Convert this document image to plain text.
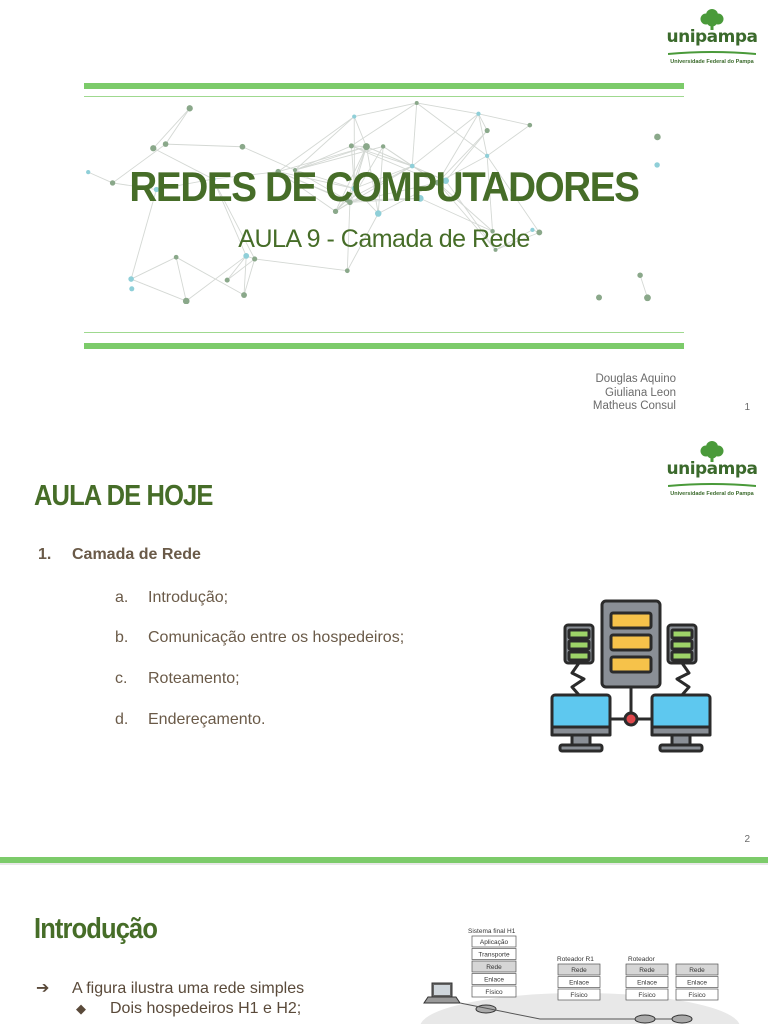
unipampa
Universidade Federal do Pampa
REDES DE COMPUTADORES
AULA 9 - Camada de Rede
Douglas Aquino
Giuliana Leon
Matheus Consul	1
unipampa
Universidade Federal do Pampa
AULA DE HOJE
1. Camada de Rede
a. Introdução;
b. Comunicação entre os hospedeiros;
c. Roteamento;
d. Endereçamento.
2
Introdução
➔ A figura ilustra uma rede simples
◆ Dois hospedeiros H1 e H2;
Sistema final H1
Aplicação
Transporte
Rede
Enlace
Físico
Roteador R1
Rede
Enlace
Físico
Roteador
Rede
Enlace
Físico
Rede
Enlace
Físico
